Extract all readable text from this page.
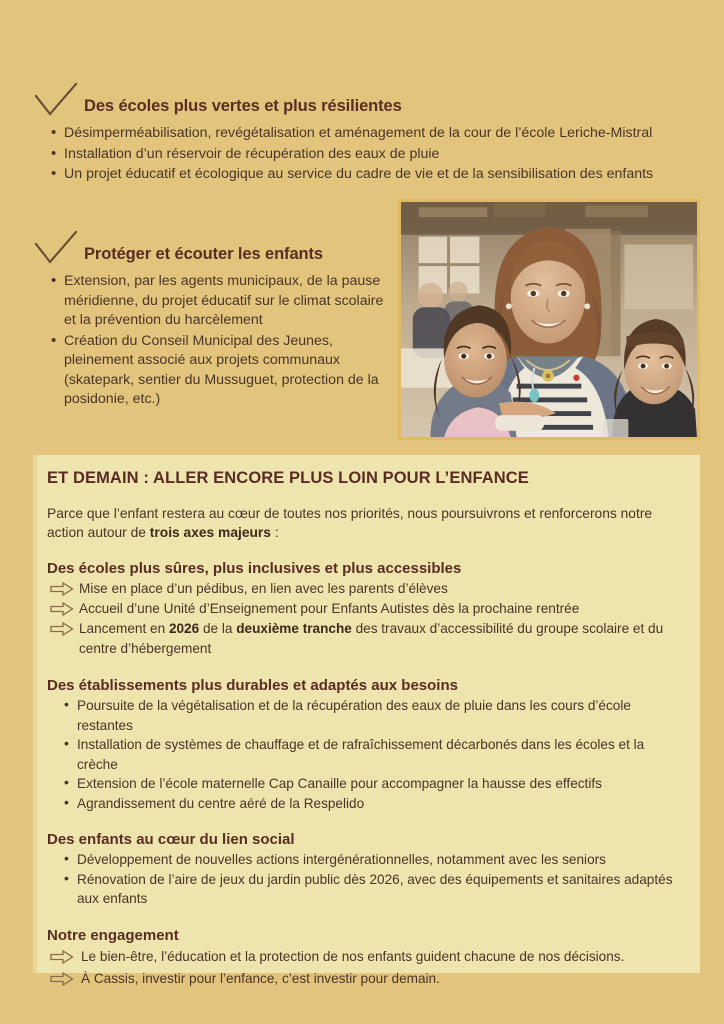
Des écoles plus vertes et plus résilientes
• Désimperméabilisation, revégétalisation et aménagement de la cour de l’école Leriche-Mistral
• Installation d’un réservoir de récupération des eaux de pluie
• Un projet éducatif et écologique au service du cadre de vie et de la sensibilisation des enfants
Protéger et écouter les enfants
• Extension, par les agents municipaux, de la pause méridienne, du projet éducatif sur le climat scolaire et la prévention du harcèlement
• Création du Conseil Municipal des Jeunes, pleinement associé aux projets communaux (skatepark, sentier du Mussuguet, protection de la posidonie, etc.)
ET DEMAIN : ALLER ENCORE PLUS LOIN POUR L’ENFANCE

Parce que l’enfant restera au cœur de toutes nos priorités, nous poursuivrons et renforcerons notre action autour de trois axes majeurs :

Des écoles plus sûres, plus inclusives et plus accessibles
Mise en place d’un pédibus, en lien avec les parents d’élèves
Accueil d’une Unité d’Enseignement pour Enfants Autistes dès la prochaine rentrée
Lancement en 2026 de la deuxième tranche des travaux d’accessibilité du groupe scolaire et du centre d’hébergement
Des établissements plus durables et adaptés aux besoins
• Poursuite de la végétalisation et de la récupération des eaux de pluie dans les cours d’école restantes
• Installation de systèmes de chauffage et de rafraîchissement décarbonés dans les écoles et la crèche
• Extension de l’école maternelle Cap Canaille pour accompagner la hausse des effectifs
• Agrandissement du centre aéré de la Respelido
Des enfants au cœur du lien social
• Développement de nouvelles actions intergénérationnelles, notamment avec les seniors
• Rénovation de l’aire de jeux du jardin public dès 2026, avec des équipements et sanitaires adaptés aux enfants
Notre engagement
Le bien-être, l’éducation et la protection de nos enfants guident chacune de nos décisions.
À Cassis, investir pour l’enfance, c’est investir pour demain.
